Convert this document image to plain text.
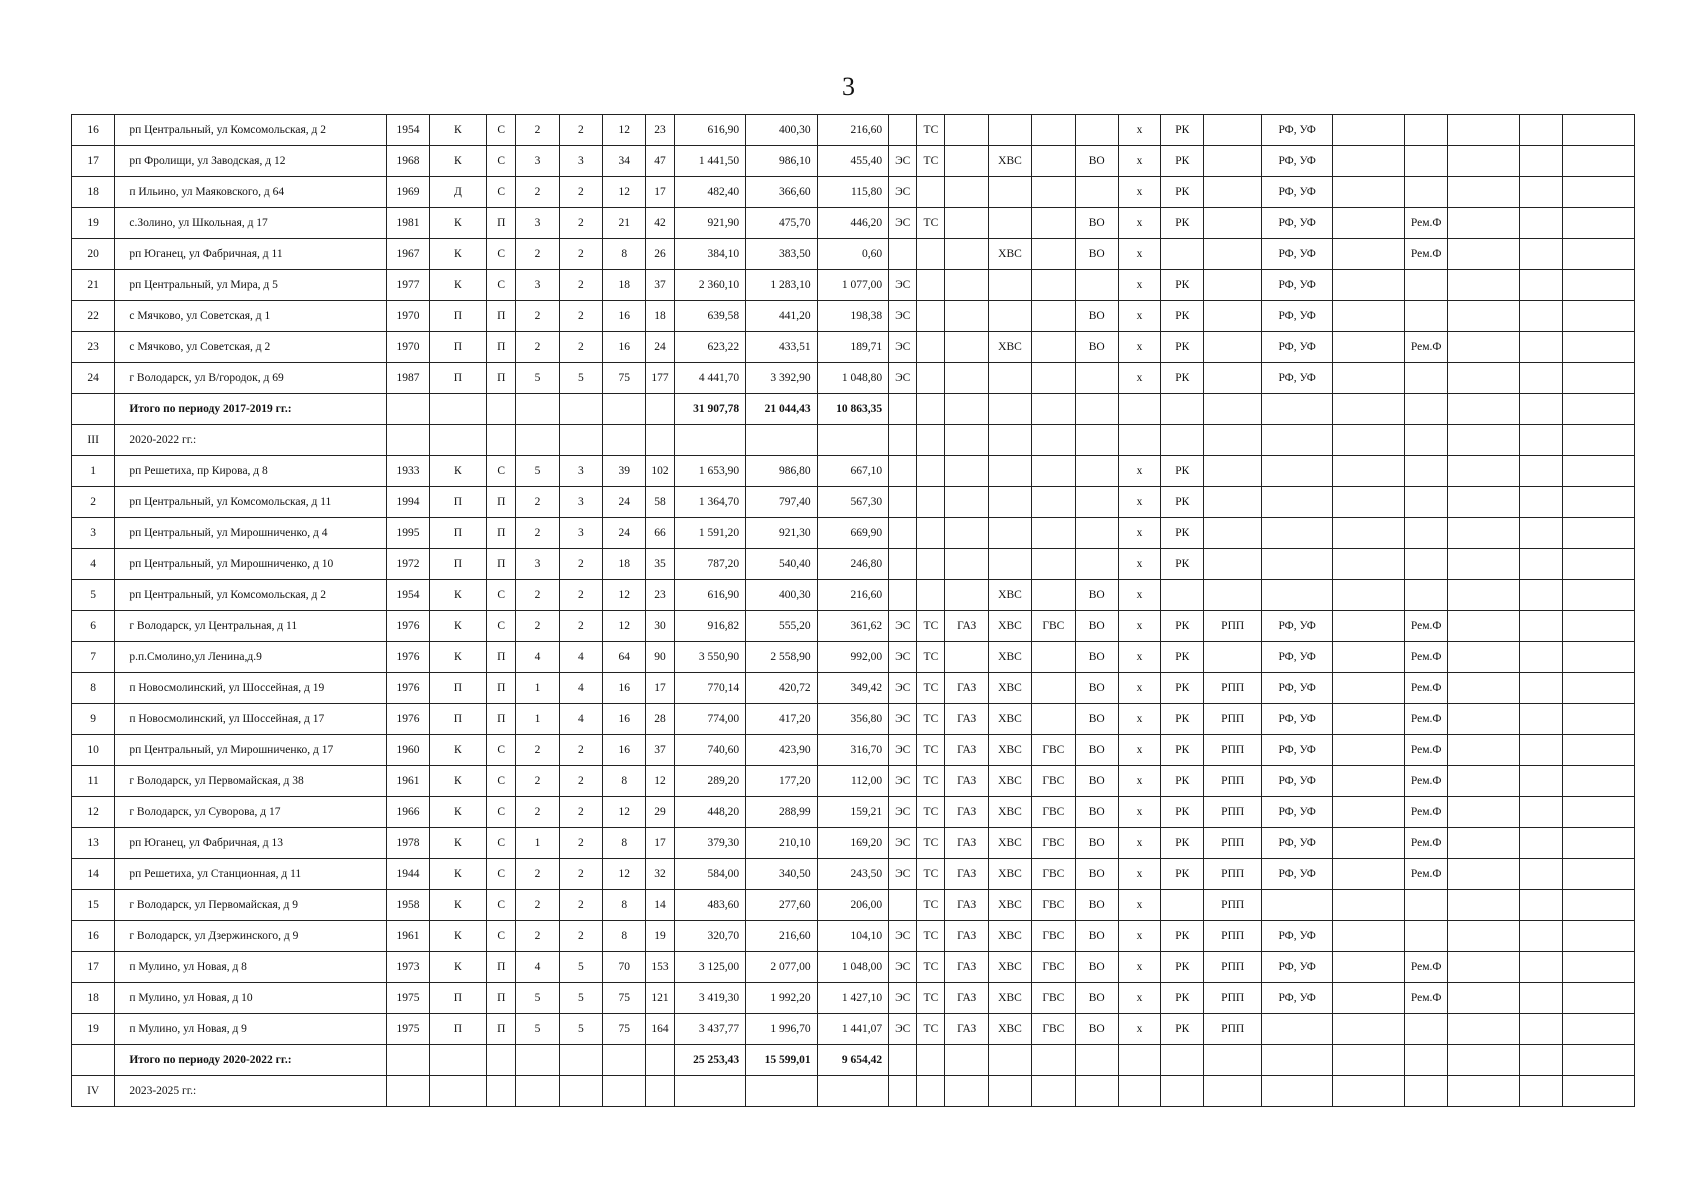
3
16	рп Центральный, ул Комсомольская, д 2	1954	К	С	2	2	12	23	616,90	400,30	216,60		ТС					х	РК		РФ, УФ					
17	рп Фролищи, ул Заводская, д 12	1968	К	С	3	3	34	47	1 441,50	986,10	455,40	ЭС	ТС		ХВС		ВО	х	РК		РФ, УФ					
18	п Ильино, ул Маяковского, д 64	1969	Д	С	2	2	12	17	482,40	366,60	115,80	ЭС						х	РК		РФ, УФ					
19	с.Золино, ул Школьная, д 17	1981	К	П	3	2	21	42	921,90	475,70	446,20	ЭС	ТС				ВО	х	РК		РФ, УФ		Рем.Ф			
20	рп Юганец, ул Фабричная, д 11	1967	К	С	2	2	8	26	384,10	383,50	0,60				ХВС		ВО	х			РФ, УФ		Рем.Ф			
21	рп Центральный, ул Мира, д 5	1977	К	С	3	2	18	37	2 360,10	1 283,10	1 077,00	ЭС						х	РК		РФ, УФ					
22	с Мячково, ул Советская, д 1	1970	П	П	2	2	16	18	639,58	441,20	198,38	ЭС					ВО	х	РК		РФ, УФ					
23	с Мячково, ул Советская, д 2	1970	П	П	2	2	16	24	623,22	433,51	189,71	ЭС			ХВС		ВО	х	РК		РФ, УФ		Рем.Ф			
24	г Володарск, ул В/городок, д 69	1987	П	П	5	5	75	177	4 441,70	3 392,90	1 048,80	ЭС						х	РК		РФ, УФ					
	Итого по периоду 2017-2019 гг.:								31 907,78	21 044,43	10 863,35															
III	2020-2022 гг.:																									
1	рп Решетиха, пр Кирова, д 8	1933	К	С	5	3	39	102	1 653,90	986,80	667,10							х	РК							
2	рп Центральный, ул Комсомольская, д 11	1994	П	П	2	3	24	58	1 364,70	797,40	567,30							х	РК							
3	рп Центральный, ул Мирошниченко, д 4	1995	П	П	2	3	24	66	1 591,20	921,30	669,90							х	РК							
4	рп Центральный, ул Мирошниченко, д 10	1972	П	П	3	2	18	35	787,20	540,40	246,80							х	РК							
5	рп Центральный, ул Комсомольская, д 2	1954	К	С	2	2	12	23	616,90	400,30	216,60				ХВС		ВО	х								
6	г Володарск, ул Центральная, д 11	1976	К	С	2	2	12	30	916,82	555,20	361,62	ЭС	ТС	ГАЗ	ХВС	ГВС	ВО	х	РК	РПП	РФ, УФ		Рем.Ф			
7	р.п.Смолино,ул Ленина,д.9	1976	К	П	4	4	64	90	3 550,90	2 558,90	992,00	ЭС	ТС		ХВС		ВО	х	РК		РФ, УФ		Рем.Ф			
8	п Новосмолинский, ул Шоссейная, д 19	1976	П	П	1	4	16	17	770,14	420,72	349,42	ЭС	ТС	ГАЗ	ХВС		ВО	х	РК	РПП	РФ, УФ		Рем.Ф			
9	п Новосмолинский, ул Шоссейная, д 17	1976	П	П	1	4	16	28	774,00	417,20	356,80	ЭС	ТС	ГАЗ	ХВС		ВО	х	РК	РПП	РФ, УФ		Рем.Ф			
10	рп Центральный, ул Мирошниченко, д 17	1960	К	С	2	2	16	37	740,60	423,90	316,70	ЭС	ТС	ГАЗ	ХВС	ГВС	ВО	х	РК	РПП	РФ, УФ		Рем.Ф			
11	г Володарск, ул Первомайская, д 38	1961	К	С	2	2	8	12	289,20	177,20	112,00	ЭС	ТС	ГАЗ	ХВС	ГВС	ВО	х	РК	РПП	РФ, УФ		Рем.Ф			
12	г Володарск, ул Суворова, д 17	1966	К	С	2	2	12	29	448,20	288,99	159,21	ЭС	ТС	ГАЗ	ХВС	ГВС	ВО	х	РК	РПП	РФ, УФ		Рем.Ф			
13	рп Юганец, ул Фабричная, д 13	1978	К	С	1	2	8	17	379,30	210,10	169,20	ЭС	ТС	ГАЗ	ХВС	ГВС	ВО	х	РК	РПП	РФ, УФ		Рем.Ф			
14	рп Решетиха, ул Станционная, д 11	1944	К	С	2	2	12	32	584,00	340,50	243,50	ЭС	ТС	ГАЗ	ХВС	ГВС	ВО	х	РК	РПП	РФ, УФ		Рем.Ф			
15	г Володарск, ул Первомайская, д 9	1958	К	С	2	2	8	14	483,60	277,60	206,00		ТС	ГАЗ	ХВС	ГВС	ВО	х		РПП						
16	г Володарск, ул Дзержинского, д 9	1961	К	С	2	2	8	19	320,70	216,60	104,10	ЭС	ТС	ГАЗ	ХВС	ГВС	ВО	х	РК	РПП	РФ, УФ					
17	п Мулино, ул Новая, д 8	1973	К	П	4	5	70	153	3 125,00	2 077,00	1 048,00	ЭС	ТС	ГАЗ	ХВС	ГВС	ВО	х	РК	РПП	РФ, УФ		Рем.Ф			
18	п Мулино, ул Новая, д 10	1975	П	П	5	5	75	121	3 419,30	1 992,20	1 427,10	ЭС	ТС	ГАЗ	ХВС	ГВС	ВО	х	РК	РПП	РФ, УФ		Рем.Ф			
19	п Мулино, ул Новая, д 9	1975	П	П	5	5	75	164	3 437,77	1 996,70	1 441,07	ЭС	ТС	ГАЗ	ХВС	ГВС	ВО	х	РК	РПП						
	Итого по периоду 2020-2022 гг.:								25 253,43	15 599,01	9 654,42															
IV	2023-2025 гг.:																									
